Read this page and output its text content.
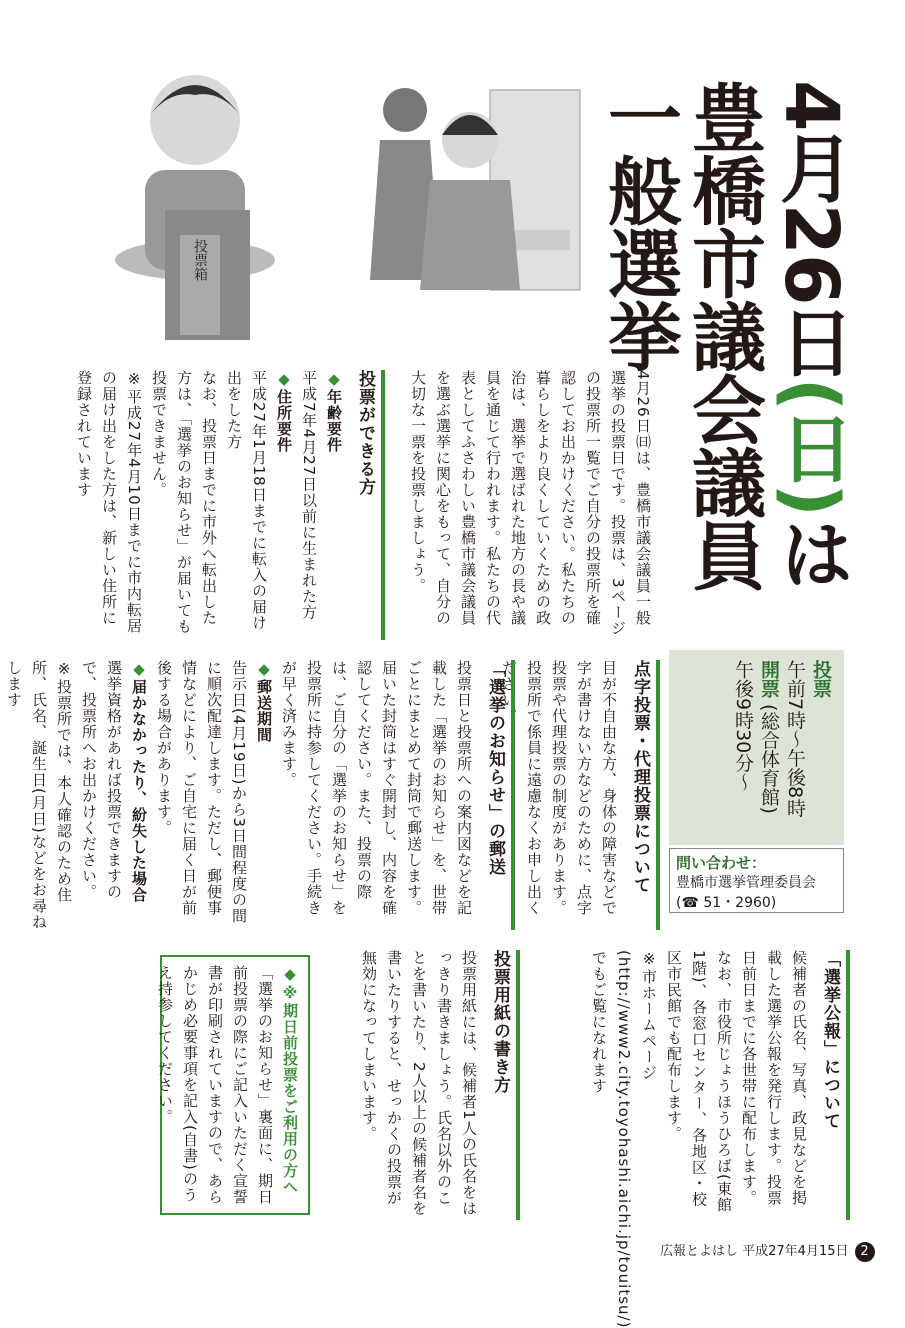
4月26日(日)は
豊橋市議会議員一般選挙
投票箱
投票
午前7時〜午後8時
開票 (総合体育館)
午後9時30分〜
問い合わせ：
豊橋市選挙管理委員会
(☎ 51・2960)

4月26日㈰は、豊橋市議会議員一般選挙の投票日です。投票は、3ページの投票所一覧でご自分の投票所を確認してお出かけください。私たちの暮らしをより良くしていくための政治は、選挙で選ばれた地方の長や議員を通じて行われます。私たちの代表としてふさわしい豊橋市議会議員を選ぶ選挙に関心をもって、自分の大切な一票を投票しましょう。

投票ができる方

◆ 年齢要件

平成7年4月27日以前に生まれた方

◆ 住所要件

平成27年1月18日までに転入の届け出をした方

なお、投票日までに市外へ転出した方は、「選挙のお知らせ」が届いても投票できません。

※平成27年4月10日までに市内転居の届け出をした方は、新しい住所に登録されています

点字投票・代理投票について

目が不自由な方、身体の障害などで字が書けない方などのために、点字投票や代理投票の制度があります。投票所で係員に遠慮なくお申し出ください。

「選挙のお知らせ」の郵送

投票日と投票所への案内図などを記載した「選挙のお知らせ」を、世帯ごとにまとめて封筒で郵送します。届いた封筒はすぐ開封し、内容を確認してください。また、投票の際は、ご自分の「選挙のお知らせ」を投票所に持参してください。手続きが早く済みます。

◆ 郵送期間

告示日(4月19日)から3日間程度の間に順次配達します。ただし、郵便事情などにより、ご自宅に届く日が前後する場合があります。

◆ 届かなかったり、紛失した場合

選挙資格があれば投票できますので、投票所へお出かけください。

※投票所では、本人確認のため住所、氏名、誕生日(月日)などをお尋ねします

「選挙公報」について

候補者の氏名、写真、政見などを掲載した選挙公報を発行します。投票日前日までに各世帯に配布します。なお、市役所じょうほうひろば(東館1階)、各窓口センター、各地区・校区市民館でも配布します。

※市ホームページ(http://www2.city.toyohashi.aichi.jp/touitsu/)でもご覧になれます

投票用紙の書き方

投票用紙には、候補者1人の氏名をはっきり書きましょう。氏名以外のことを書いたり、2人以上の候補者名を書いたりすると、せっかくの投票が無効になってしまいます。

◆ ※期日前投票をご利用の方へ

「選挙のお知らせ」裏面に、期日前投票の際にご記入いただく宣誓書が印刷されていますので、あらかじめ必要事項を記入(自書)のうえ持参してください。

広報とよはし 平成27年4月15日 2
